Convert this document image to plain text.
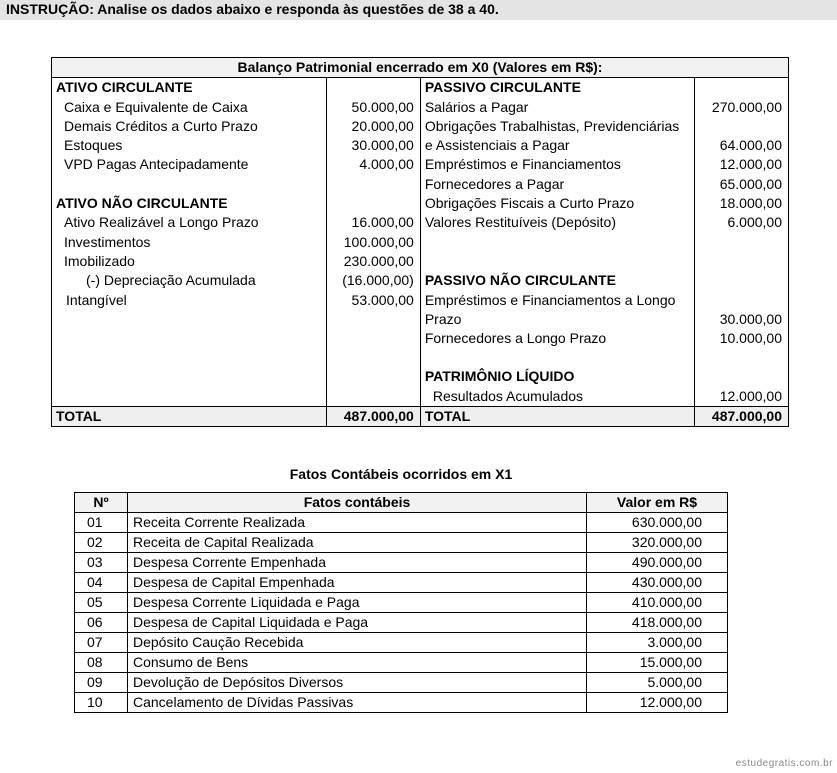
INSTRUÇÃO: Analise os dados abaixo e responda às questões de 38 a 40.
Balanço Patrimonial encerrado em X0 (Valores em R$):			
ATIVO CIRCULANTE		PASSIVO CIRCULANTE	
Caixa e Equivalente de Caixa	50.000,00	Salários a Pagar	270.000,00
Demais Créditos a Curto Prazo	20.000,00	Obrigações Trabalhistas, Previdenciárias	
Estoques	30.000,00	e Assistenciais a Pagar	64.000,00
VPD Pagas Antecipadamente	4.000,00	Empréstimos e Financiamentos	12.000,00
		Fornecedores a Pagar	65.000,00
ATIVO NÃO CIRCULANTE		Obrigações Fiscais a Curto Prazo	18.000,00
Ativo Realizável a Longo Prazo	16.000,00	Valores Restituíveis (Depósito)	6.000,00
Investimentos	100.000,00		
Imobilizado	230.000,00		
(-) Depreciação Acumulada	(16.000,00)	PASSIVO NÃO CIRCULANTE	
Intangível	53.000,00	Empréstimos e Financiamentos a Longo	
		Prazo	30.000,00
		Fornecedores a Longo Prazo	10.000,00

		PATRIMÔNIO LÍQUIDO	
		Resultados Acumulados	12.000,00
TOTAL	487.000,00	TOTAL	487.000,00
Fatos Contábeis ocorridos em X1
Nº	Fatos contábeis	Valor em R$
01	Receita Corrente Realizada	630.000,00
02	Receita de Capital Realizada	320.000,00
03	Despesa Corrente Empenhada	490.000,00
04	Despesa de Capital Empenhada	430.000,00
05	Despesa Corrente Liquidada e Paga	410.000,00
06	Despesa de Capital Liquidada e Paga	418.000,00
07	Depósito Caução Recebida	3.000,00
08	Consumo de Bens	15.000,00
09	Devolução de Depósitos Diversos	5.000,00
10	Cancelamento de Dívidas Passivas	12.000,00
estudegratis.com.br
